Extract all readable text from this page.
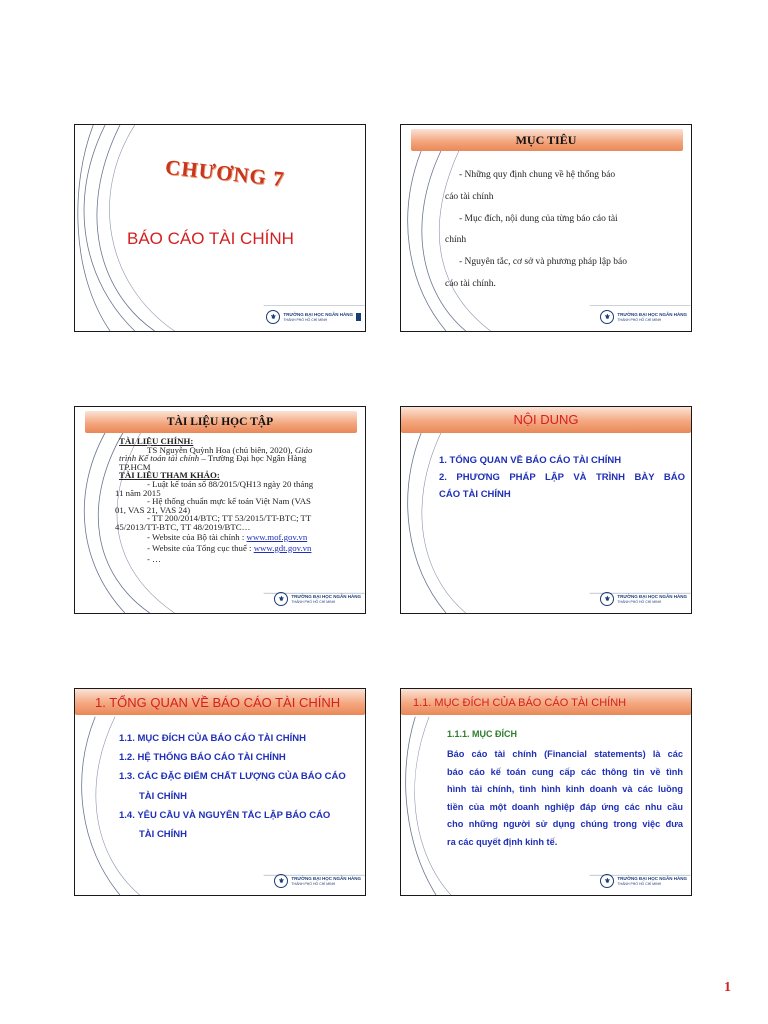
CHƯƠNG 7
BÁO CÁO TÀI CHÍNH
⚜	TRƯỜNG ĐẠI HỌC NGÂN HÀNG
THÀNH PHỐ HỒ CHÍ MINH
MỤC TIÊU
- Những quy định chung về hệ thống báo
cáo tài chính
- Mục đích, nội dung của từng báo cáo tài
chính
- Nguyên tắc, cơ sở và phương pháp lập báo
cáo tài chính.
⚜	TRƯỜNG ĐẠI HỌC NGÂN HÀNG
THÀNH PHỐ HỒ CHÍ MINH
TÀI LIỆU HỌC TẬP
TÀI LIỆU CHÍNH:
TS Nguyễn Quỳnh Hoa (chủ biên, 2020), Giáo
trình Kế toán tài chính – Trường Đại học Ngân Hàng
TP.HCM
TÀI LIỆU THAM KHẢO:
- Luật kế toán số 88/2015/QH13 ngày 20 tháng
11 năm 2015
- Hệ thống chuẩn mực kế toán Việt Nam (VAS
01, VAS 21, VAS 24)
- TT 200/2014/BTC; TT 53/2015/TT-BTC; TT
45/2013/TT-BTC, TT 48/2019/BTC…
- Website của Bộ tài chính : www.mof.gov.vn
- Website của Tổng cục thuế : www.gdt.gov.vn
- …
⚜	TRƯỜNG ĐẠI HỌC NGÂN HÀNG
THÀNH PHỐ HỒ CHÍ MINH
NỘI DUNG
1. TỔNG QUAN VỀ BÁO CÁO TÀI CHÍNH
2. PHƯƠNG PHÁP LẬP VÀ TRÌNH BÀY BÁO
CÁO TÀI CHÍNH
⚜	TRƯỜNG ĐẠI HỌC NGÂN HÀNG
THÀNH PHỐ HỒ CHÍ MINH
1. TỔNG QUAN VỀ BÁO CÁO TÀI CHÍNH
1.1. MỤC ĐÍCH CỦA BÁO CÁO TÀI CHÍNH
1.2. HỆ THỐNG BÁO CÁO TÀI CHÍNH
1.3. CÁC ĐẶC ĐIỂM CHẤT LƯỢNG CỦA BÁO CÁO
TÀI CHÍNH
1.4. YÊU CẦU VÀ NGUYÊN TẮC LẬP BÁO CÁO
TÀI CHÍNH
⚜	TRƯỜNG ĐẠI HỌC NGÂN HÀNG
THÀNH PHỐ HỒ CHÍ MINH
1.1. MỤC ĐÍCH CỦA BÁO CÁO TÀI CHÍNH
1.1.1. MỤC ĐÍCH
Báo cáo tài chính (Financial statements) là các
báo cáo kế toán cung cấp các thông tin về tình
hình tài chính, tình hình kinh doanh và các luồng
tiền của một doanh nghiệp đáp ứng các nhu cầu
cho những người sử dụng chúng trong việc đưa
ra các quyết định kinh tế.
⚜	TRƯỜNG ĐẠI HỌC NGÂN HÀNG
THÀNH PHỐ HỒ CHÍ MINH
1
